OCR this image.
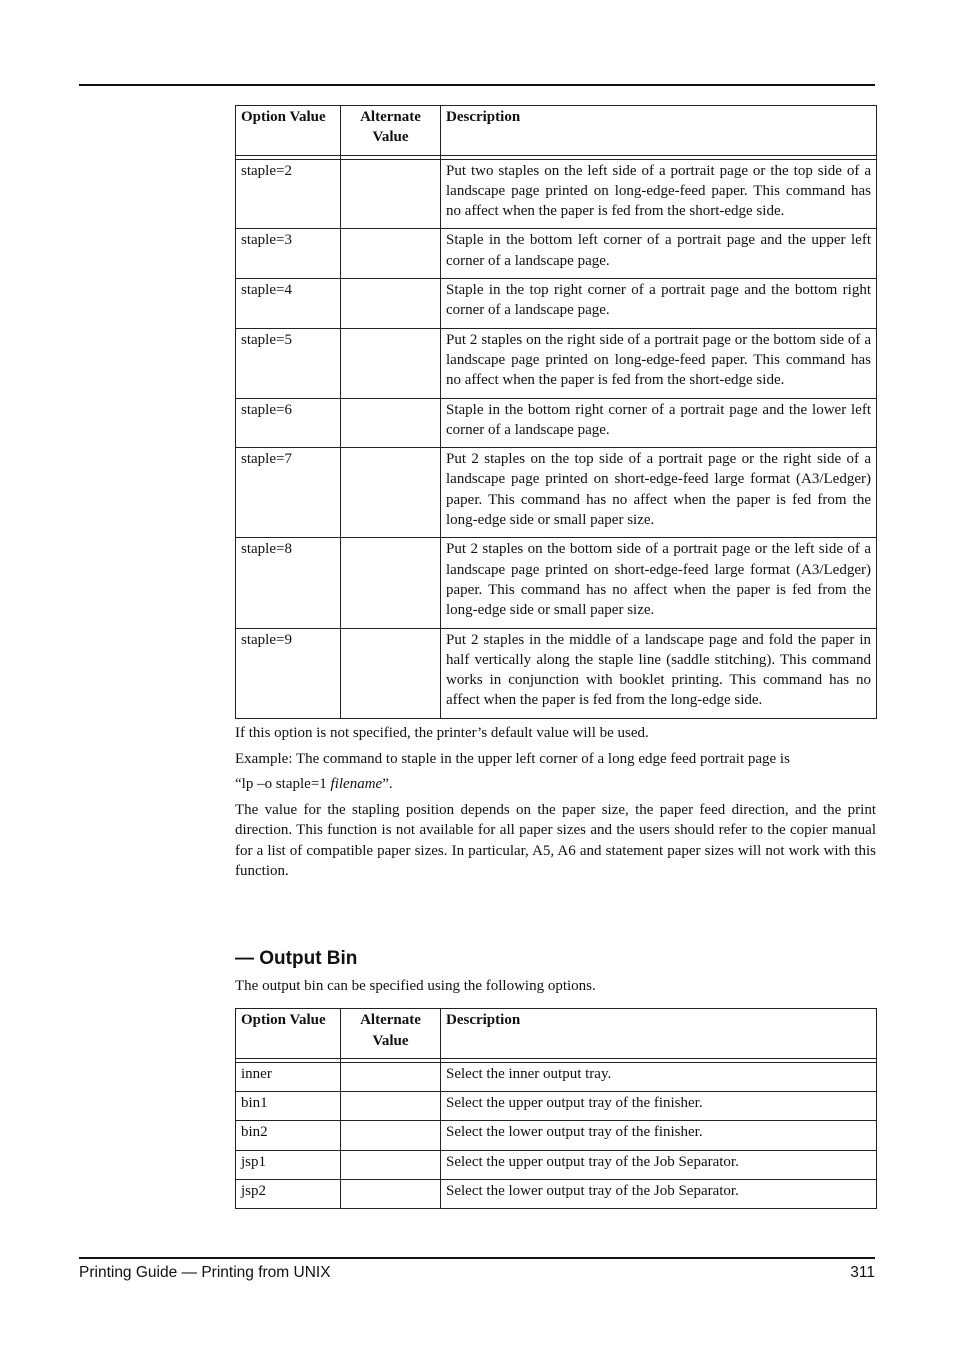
Option Value	Alternate Value	Description

staple=2		Put two staples on the left side of a portrait page or the top side of a landscape page printed on long-edge-feed paper. This command has no affect when the paper is fed from the short-edge side.
staple=3		Staple in the bottom left corner of a portrait page and the upper left corner of a landscape page.
staple=4		Staple in the top right corner of a portrait page and the bottom right corner of a landscape page.
staple=5		Put 2 staples on the right side of a portrait page or the bottom side of a landscape page printed on long-edge-feed paper. This command has no affect when the paper is fed from the short-edge side.
staple=6		Staple in the bottom right corner of a portrait page and the lower left corner of a landscape page.
staple=7		Put 2 staples on the top side of a portrait page or the right side of a landscape page printed on short-edge-feed large format (A3/Ledger) paper. This command has no affect when the paper is fed from the long-edge side or small paper size.
staple=8		Put 2 staples on the bottom side of a portrait page or the left side of a landscape page printed on short-edge-feed large format (A3/Ledger) paper. This command has no affect when the paper is fed from the long-edge side or small paper size.
staple=9		Put 2 staples in the middle of a landscape page and fold the paper in half vertically along the staple line (saddle stitching). This command works in conjunction with booklet printing. This command has no affect when the paper is fed from the long-edge side.

If this option is not specified, the printer’s default value will be used.

Example: The command to staple in the upper left corner of a long edge feed portrait page is

“lp –o staple=1 filename”.

The value for the stapling position depends on the paper size, the paper feed direction, and the print direction. This function is not available for all paper sizes and the users should refer to the copier manual for a list of compatible paper sizes. In particular, A5, A6 and statement paper sizes will not work with this function.

— Output Bin

The output bin can be specified using the following options.

Option Value	Alternate Value	Description

inner		Select the inner output tray.
bin1		Select the upper output tray of the finisher.
bin2		Select the lower output tray of the finisher.
jsp1		Select the upper output tray of the Job Separator.
jsp2		Select the lower output tray of the Job Separator.
Printing Guide — Printing from UNIX	311
